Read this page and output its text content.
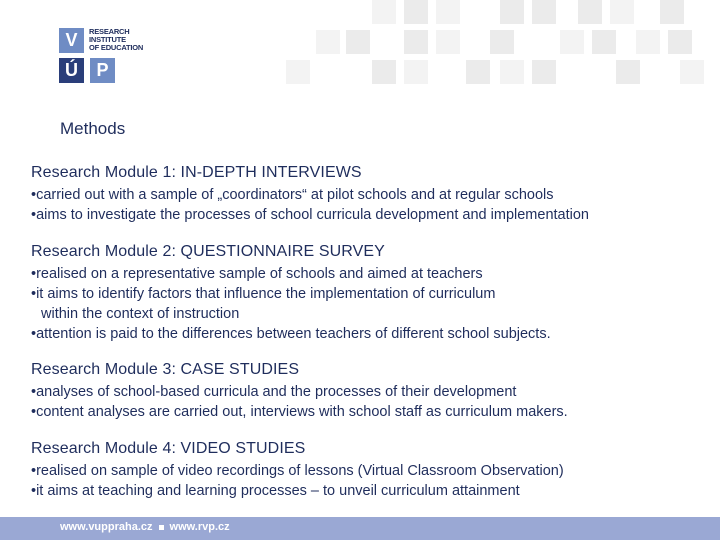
V	RESEARCH
INSTITUTE
OF EDUCATION
Ú	P
Methods
Research Module 1: IN-DEPTH INTERVIEWS
• carried out with a sample of „coordinators“ at pilot schools and at regular schools
• aims to investigate the processes of school curricula development and implementation
Research Module 2: QUESTIONNAIRE SURVEY
• realised on a representative sample of schools and aimed at teachers
• it aims to identify factors that influence the implementation of curriculum
within the context of instruction
• attention is paid to the differences between teachers of different school subjects.
Research Module 3: CASE STUDIES
• analyses of school-based curricula and the processes of their development
• content analyses are carried out, interviews with school staff as curriculum makers.
Research Module 4: VIDEO STUDIES
• realised on sample of video recordings of lessons (Virtual Classroom Observation)
• it aims at teaching and learning processes – to unveil curriculum attainment
www.vuppraha.cz www.rvp.cz
